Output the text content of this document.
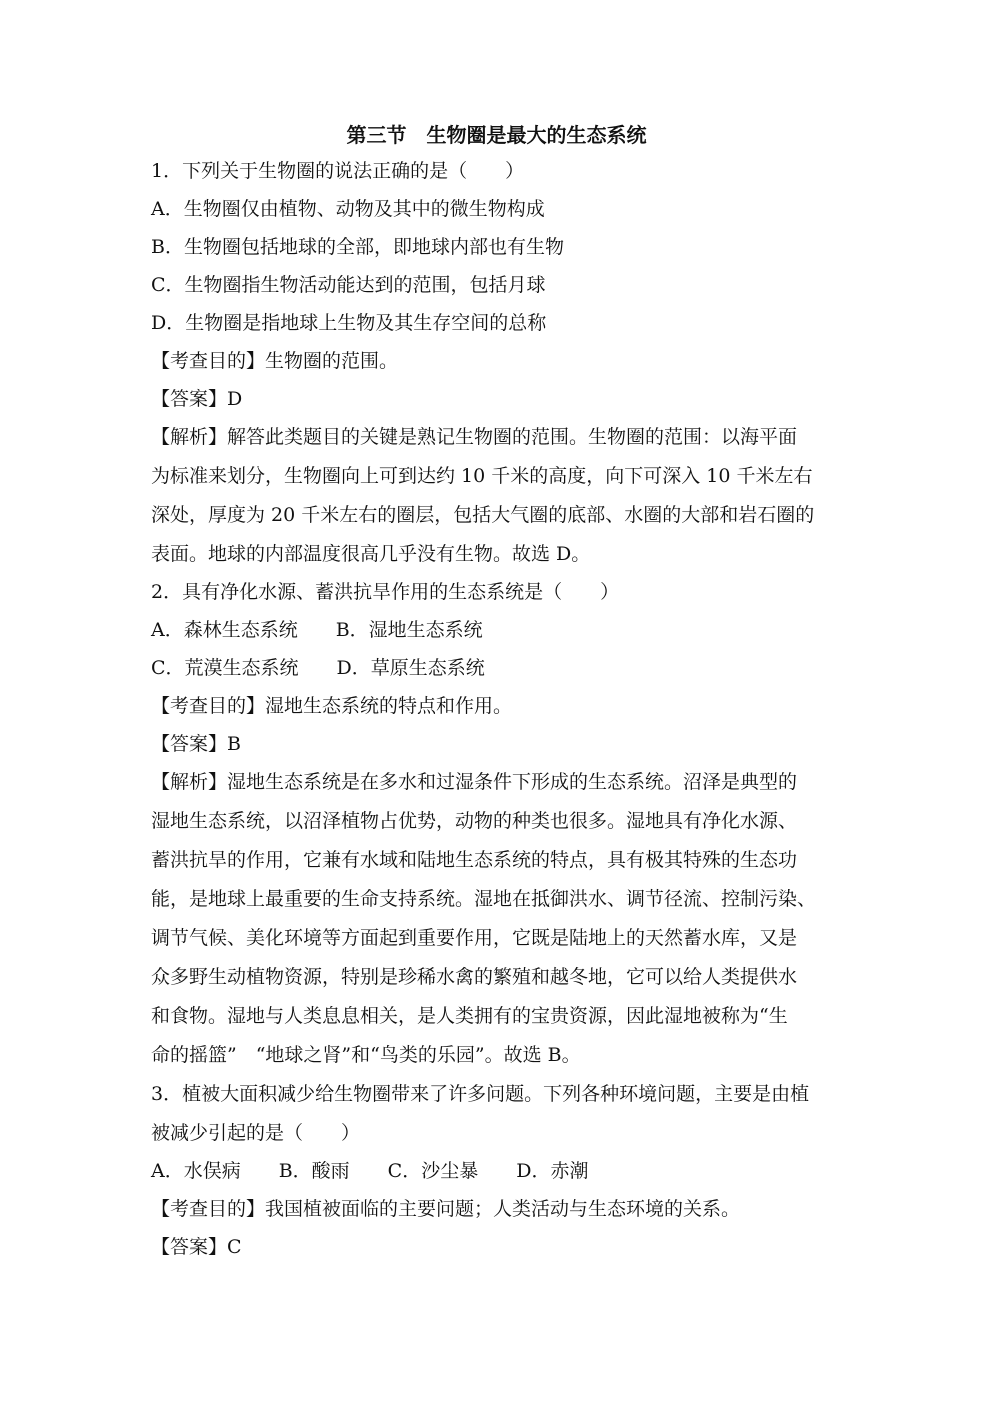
第三节　生物圈是最大的生态系统
1．下列关于生物圈的说法正确的是（　　）
A．生物圈仅由植物、动物及其中的微生物构成
B．生物圈包括地球的全部，即地球内部也有生物
C．生物圈指生物活动能达到的范围，包括月球
D．生物圈是指地球上生物及其生存空间的总称
【考查目的】生物圈的范围。
【答案】D
【解析】解答此类题目的关键是熟记生物圈的范围。生物圈的范围：以海平面
为标准来划分，生物圈向上可到达约 10 千米的高度，向下可深入 10 千米左右
深处，厚度为 20 千米左右的圈层，包括大气圈的底部、水圈的大部和岩石圈的
表面。地球的内部温度很高几乎没有生物。故选 D。
2．具有净化水源、蓄洪抗旱作用的生态系统是（　　）
A．森林生态系统　　B．湿地生态系统
C．荒漠生态系统　　D．草原生态系统
【考查目的】湿地生态系统的特点和作用。
【答案】B
【解析】湿地生态系统是在多水和过湿条件下形成的生态系统。沼泽是典型的
湿地生态系统，以沼泽植物占优势，动物的种类也很多。湿地具有净化水源、
蓄洪抗旱的作用，它兼有水域和陆地生态系统的特点，具有极其特殊的生态功
能，是地球上最重要的生命支持系统。湿地在抵御洪水、调节径流、控制污染、
调节气候、美化环境等方面起到重要作用，它既是陆地上的天然蓄水库，又是
众多野生动植物资源，特别是珍稀水禽的繁殖和越冬地，它可以给人类提供水
和食物。湿地与人类息息相关，是人类拥有的宝贵资源，因此湿地被称为“生
命的摇篮”　“地球之肾”和“鸟类的乐园”。故选 B。
3．植被大面积减少给生物圈带来了许多问题。下列各种环境问题，主要是由植
被减少引起的是（　　）
A．水俣病　　B．酸雨　　C．沙尘暴　　D．赤潮
【考查目的】我国植被面临的主要问题；人类活动与生态环境的关系。
【答案】C
